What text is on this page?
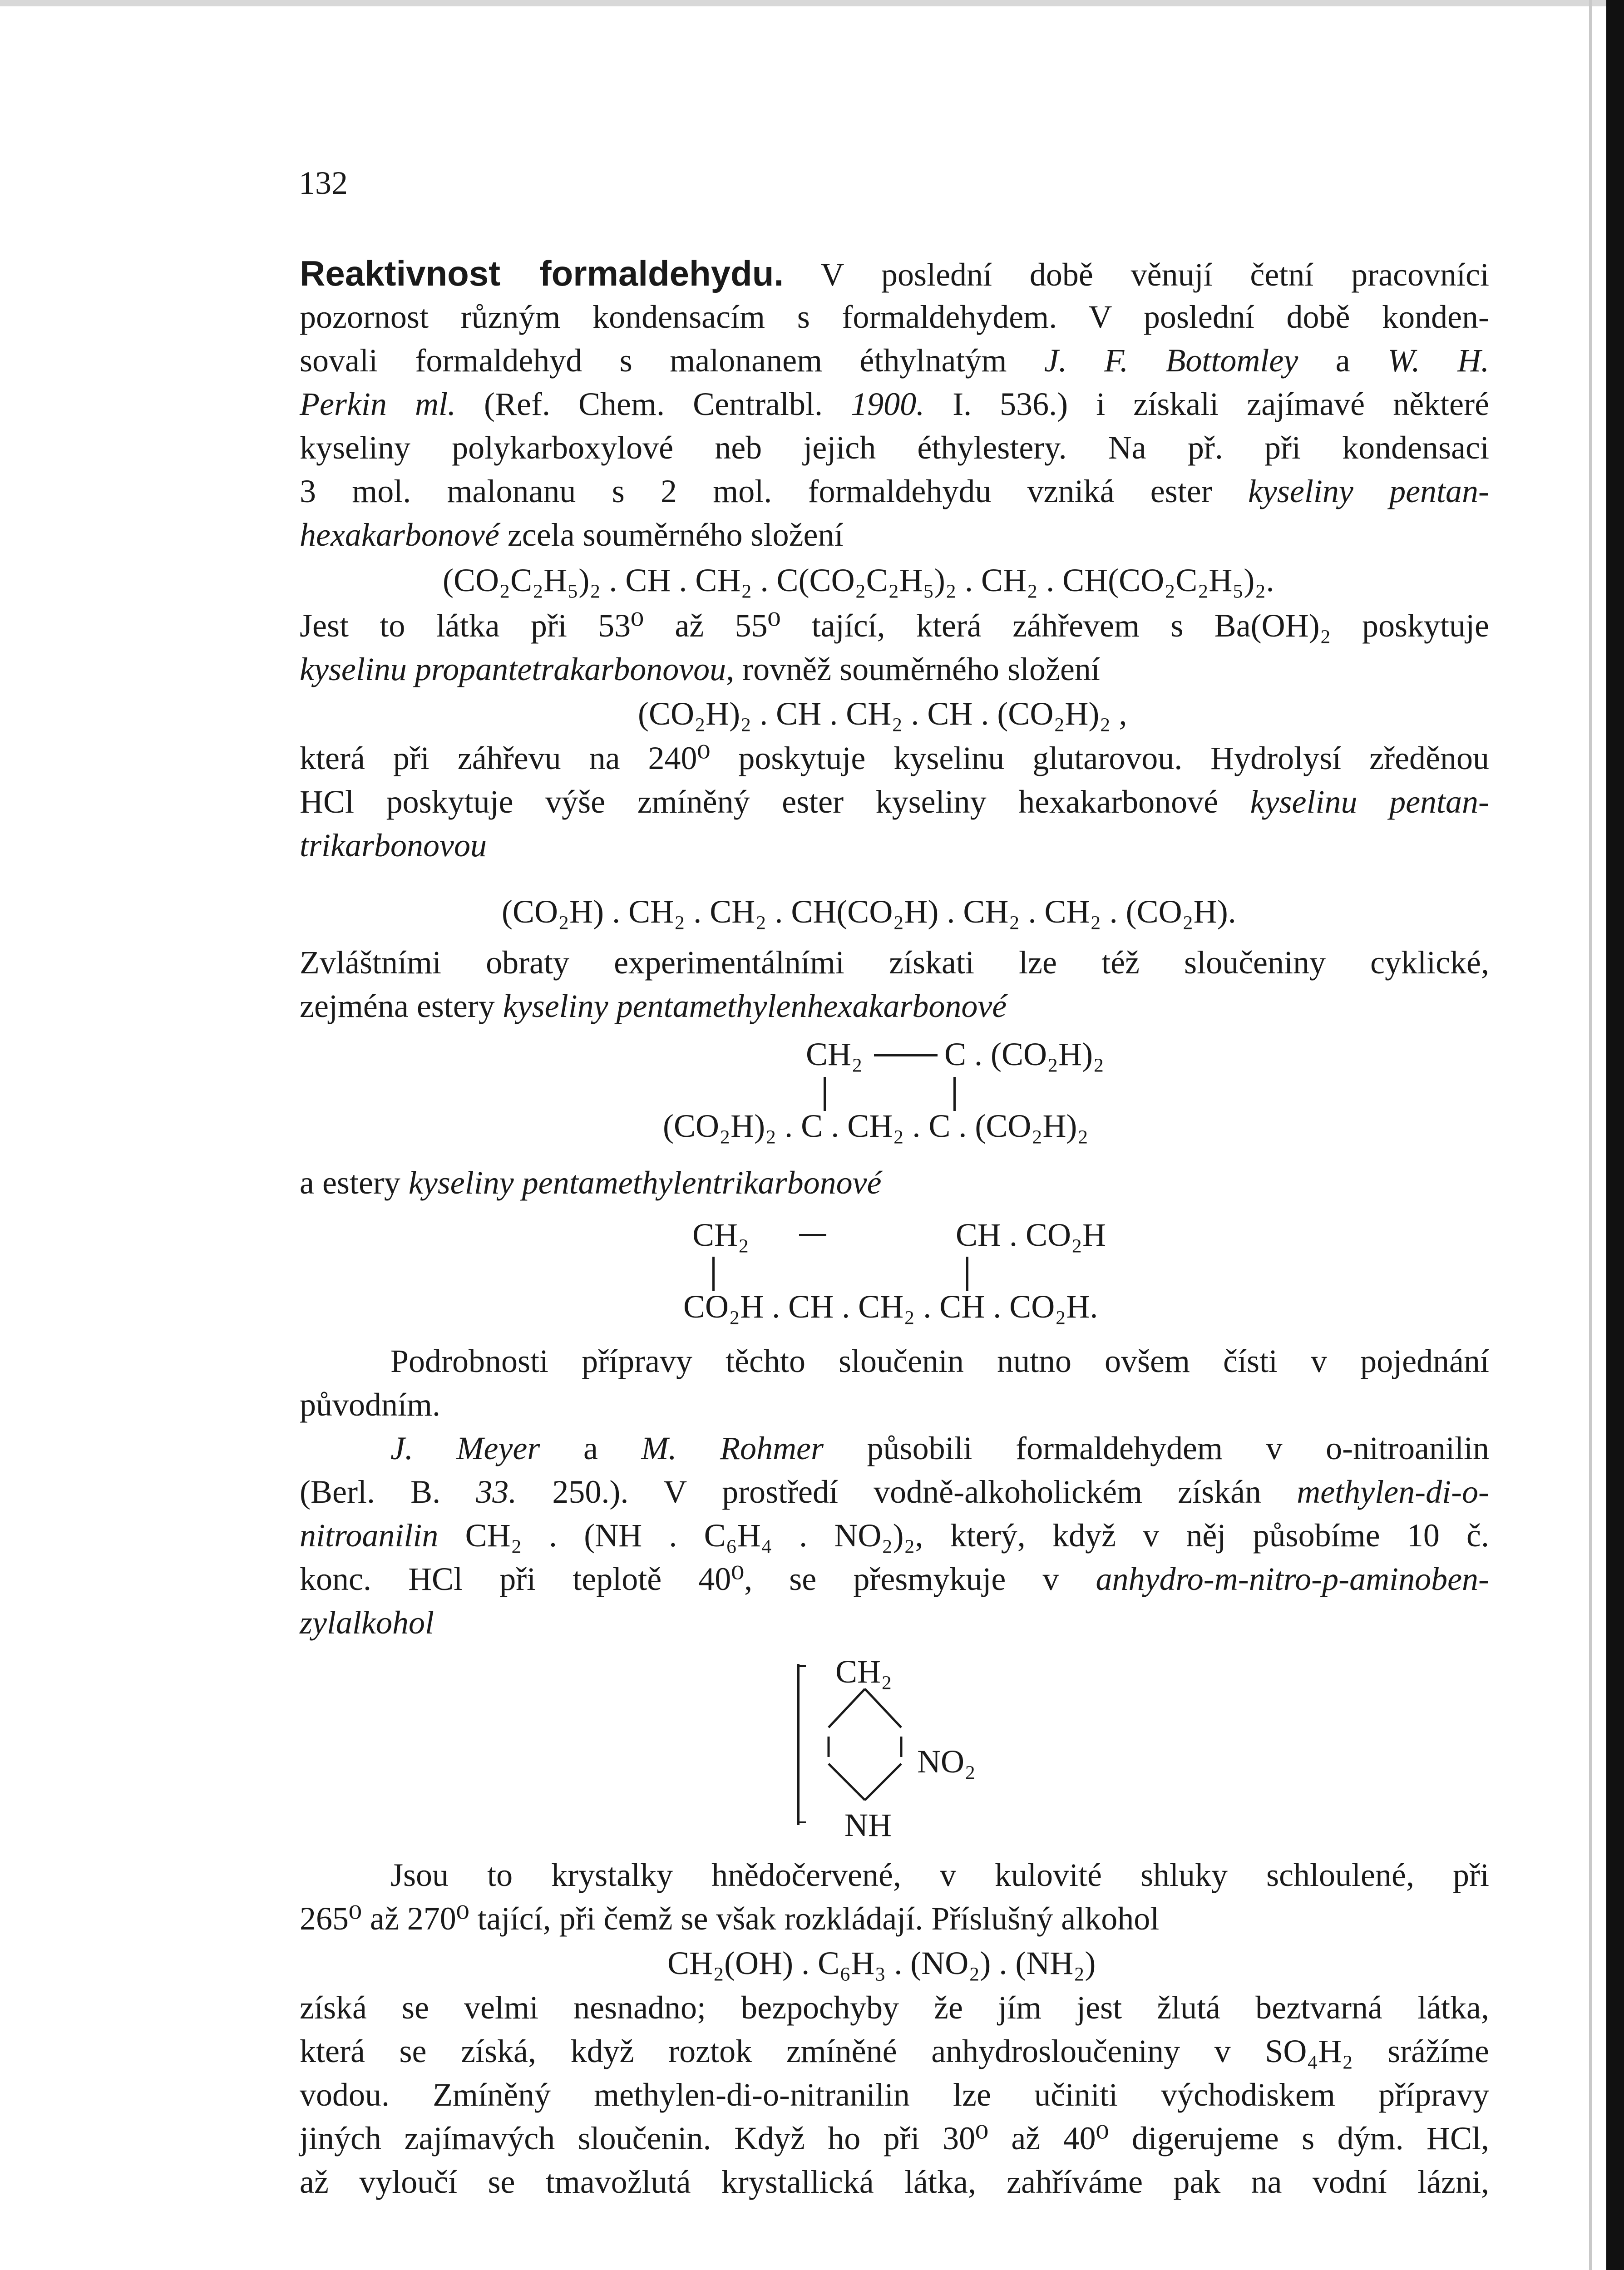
132
Reaktivnost formaldehydu. V poslední době věnují četní pracovníci
pozornost různým kondensacím s formaldehydem. V poslední době konden-
sovali formaldehyd s malonanem éthylnatým J. F. Bottomley a W. H.
Perkin ml. (Ref. Chem. Centralbl. 1900. I. 536.) i získali zajímavé některé
kyseliny polykarboxylové neb jejich éthylestery. Na př. při kondensaci
3 mol. malonanu s 2 mol. formaldehydu vzniká ester kyseliny pentan-
hexakarbonové zcela souměrného složení
(CO₂C₂H₅)₂ . CH . CH₂ . C(CO₂C₂H₅)₂ . CH₂ . CH(CO₂C₂H₅)₂.
Jest to látka při 53⁰ až 55⁰ tající, která záhřevem s Ba(OH)₂ poskytuje
kyselinu propantetrakarbonovou, rovněž souměrného složení
(CO₂H)₂ . CH . CH₂ . CH . (CO₂H)₂ ,
která při záhřevu na 240⁰ poskytuje kyselinu glutarovou. Hydrolysí zředěnou
HCl poskytuje výše zmíněný ester kyseliny hexakarbonové kyselinu pentan-
trikarbonovou
(CO₂H) . CH₂ . CH₂ . CH(CO₂H) . CH₂ . CH₂ . (CO₂H).
Zvláštními obraty experimentálními získati lze též sloučeniny cyklické,
zejména estery kyseliny pentamethylenhexakarbonové
CH₂ C . (CO₂H)₂
(CO₂H)₂ . C . CH₂ . C . (CO₂H)₂
a estery kyseliny pentamethylentrikarbonové
CH₂	CH . CO₂H
CO₂H . CH . CH₂ . CH . CO₂H.
Podrobnosti přípravy těchto sloučenin nutno ovšem čísti v pojednání
původním.
J. Meyer a M. Rohmer působili formaldehydem v o-nitroanilin
(Berl. B. 33. 250.). V prostředí vodně-alkoholickém získán methylen-di-o-
nitroanilin CH₂ . (NH . C₆H₄ . NO₂)₂, který, když v něj působíme 10 č.
konc. HCl při teplotě 40⁰, se přesmykuje v anhydro-m-nitro-p-aminoben-
zylalkohol
CH₂
NO₂
NH
Jsou to krystalky hnědočervené, v kulovité shluky schloulené, při
265⁰ až 270⁰ tající, při čemž se však rozkládají. Příslušný alkohol
CH₂(OH) . C₆H₃ . (NO₂) . (NH₂)
získá se velmi nesnadno; bezpochyby že jím jest žlutá beztvarná látka,
která se získá, když roztok zmíněné anhydrosloučeniny v SO₄H₂ srážíme
vodou. Zmíněný methylen-di-o-nitranilin lze učiniti východiskem přípravy
jiných zajímavých sloučenin. Když ho při 30⁰ až 40⁰ digerujeme s dým. HCl,
až vyloučí se tmavožlutá krystallická látka, zahříváme pak na vodní lázni,
